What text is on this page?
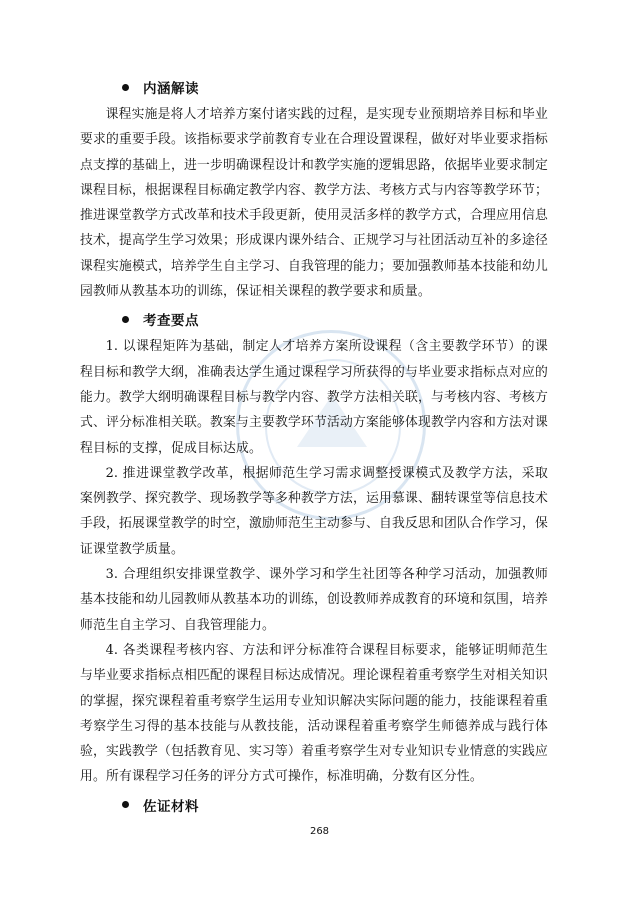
内涵解读

课程实施是将人才培养方案付诸实践的过程，是实现专业预期培养目标和毕业要求的重要手段。该指标要求学前教育专业在合理设置课程，做好对毕业要求指标点支撑的基础上，进一步明确课程设计和教学实施的逻辑思路，依据毕业要求制定课程目标，根据课程目标确定教学内容、教学方法、考核方式与内容等教学环节；推进课堂教学方式改革和技术手段更新，使用灵活多样的教学方式，合理应用信息技术，提高学生学习效果；形成课内课外结合、正规学习与社团活动互补的多途径课程实施模式，培养学生自主学习、自我管理的能力；要加强教师基本技能和幼儿园教师从教基本功的训练，保证相关课程的教学要求和质量。

考查要点

1. 以课程矩阵为基础，制定人才培养方案所设课程（含主要教学环节）的课程目标和教学大纲，准确表达学生通过课程学习所获得的与毕业要求指标点对应的能力。教学大纲明确课程目标与教学内容、教学方法相关联，与考核内容、考核方式、评分标准相关联。教案与主要教学环节活动方案能够体现教学内容和方法对课程目标的支撑，促成目标达成。

2. 推进课堂教学改革，根据师范生学习需求调整授课模式及教学方法，采取案例教学、探究教学、现场教学等多种教学方法，运用慕课、翻转课堂等信息技术手段，拓展课堂教学的时空，激励师范生主动参与、自我反思和团队合作学习，保证课堂教学质量。

3. 合理组织安排课堂教学、课外学习和学生社团等各种学习活动，加强教师基本技能和幼儿园教师从教基本功的训练，创设教师养成教育的环境和氛围，培养师范生自主学习、自我管理能力。

4. 各类课程考核内容、方法和评分标准符合课程目标要求，能够证明师范生与毕业要求指标点相匹配的课程目标达成情况。理论课程着重考察学生对相关知识的掌握，探究课程着重考察学生运用专业知识解决实际问题的能力，技能课程着重考察学生习得的基本技能与从教技能，活动课程着重考察学生师德养成与践行体验，实践教学（包括教育见、实习等）着重考察学生对专业知识专业情意的实践应用。所有课程学习任务的评分方式可操作，标准明确，分数有区分性。

佐证材料
268
